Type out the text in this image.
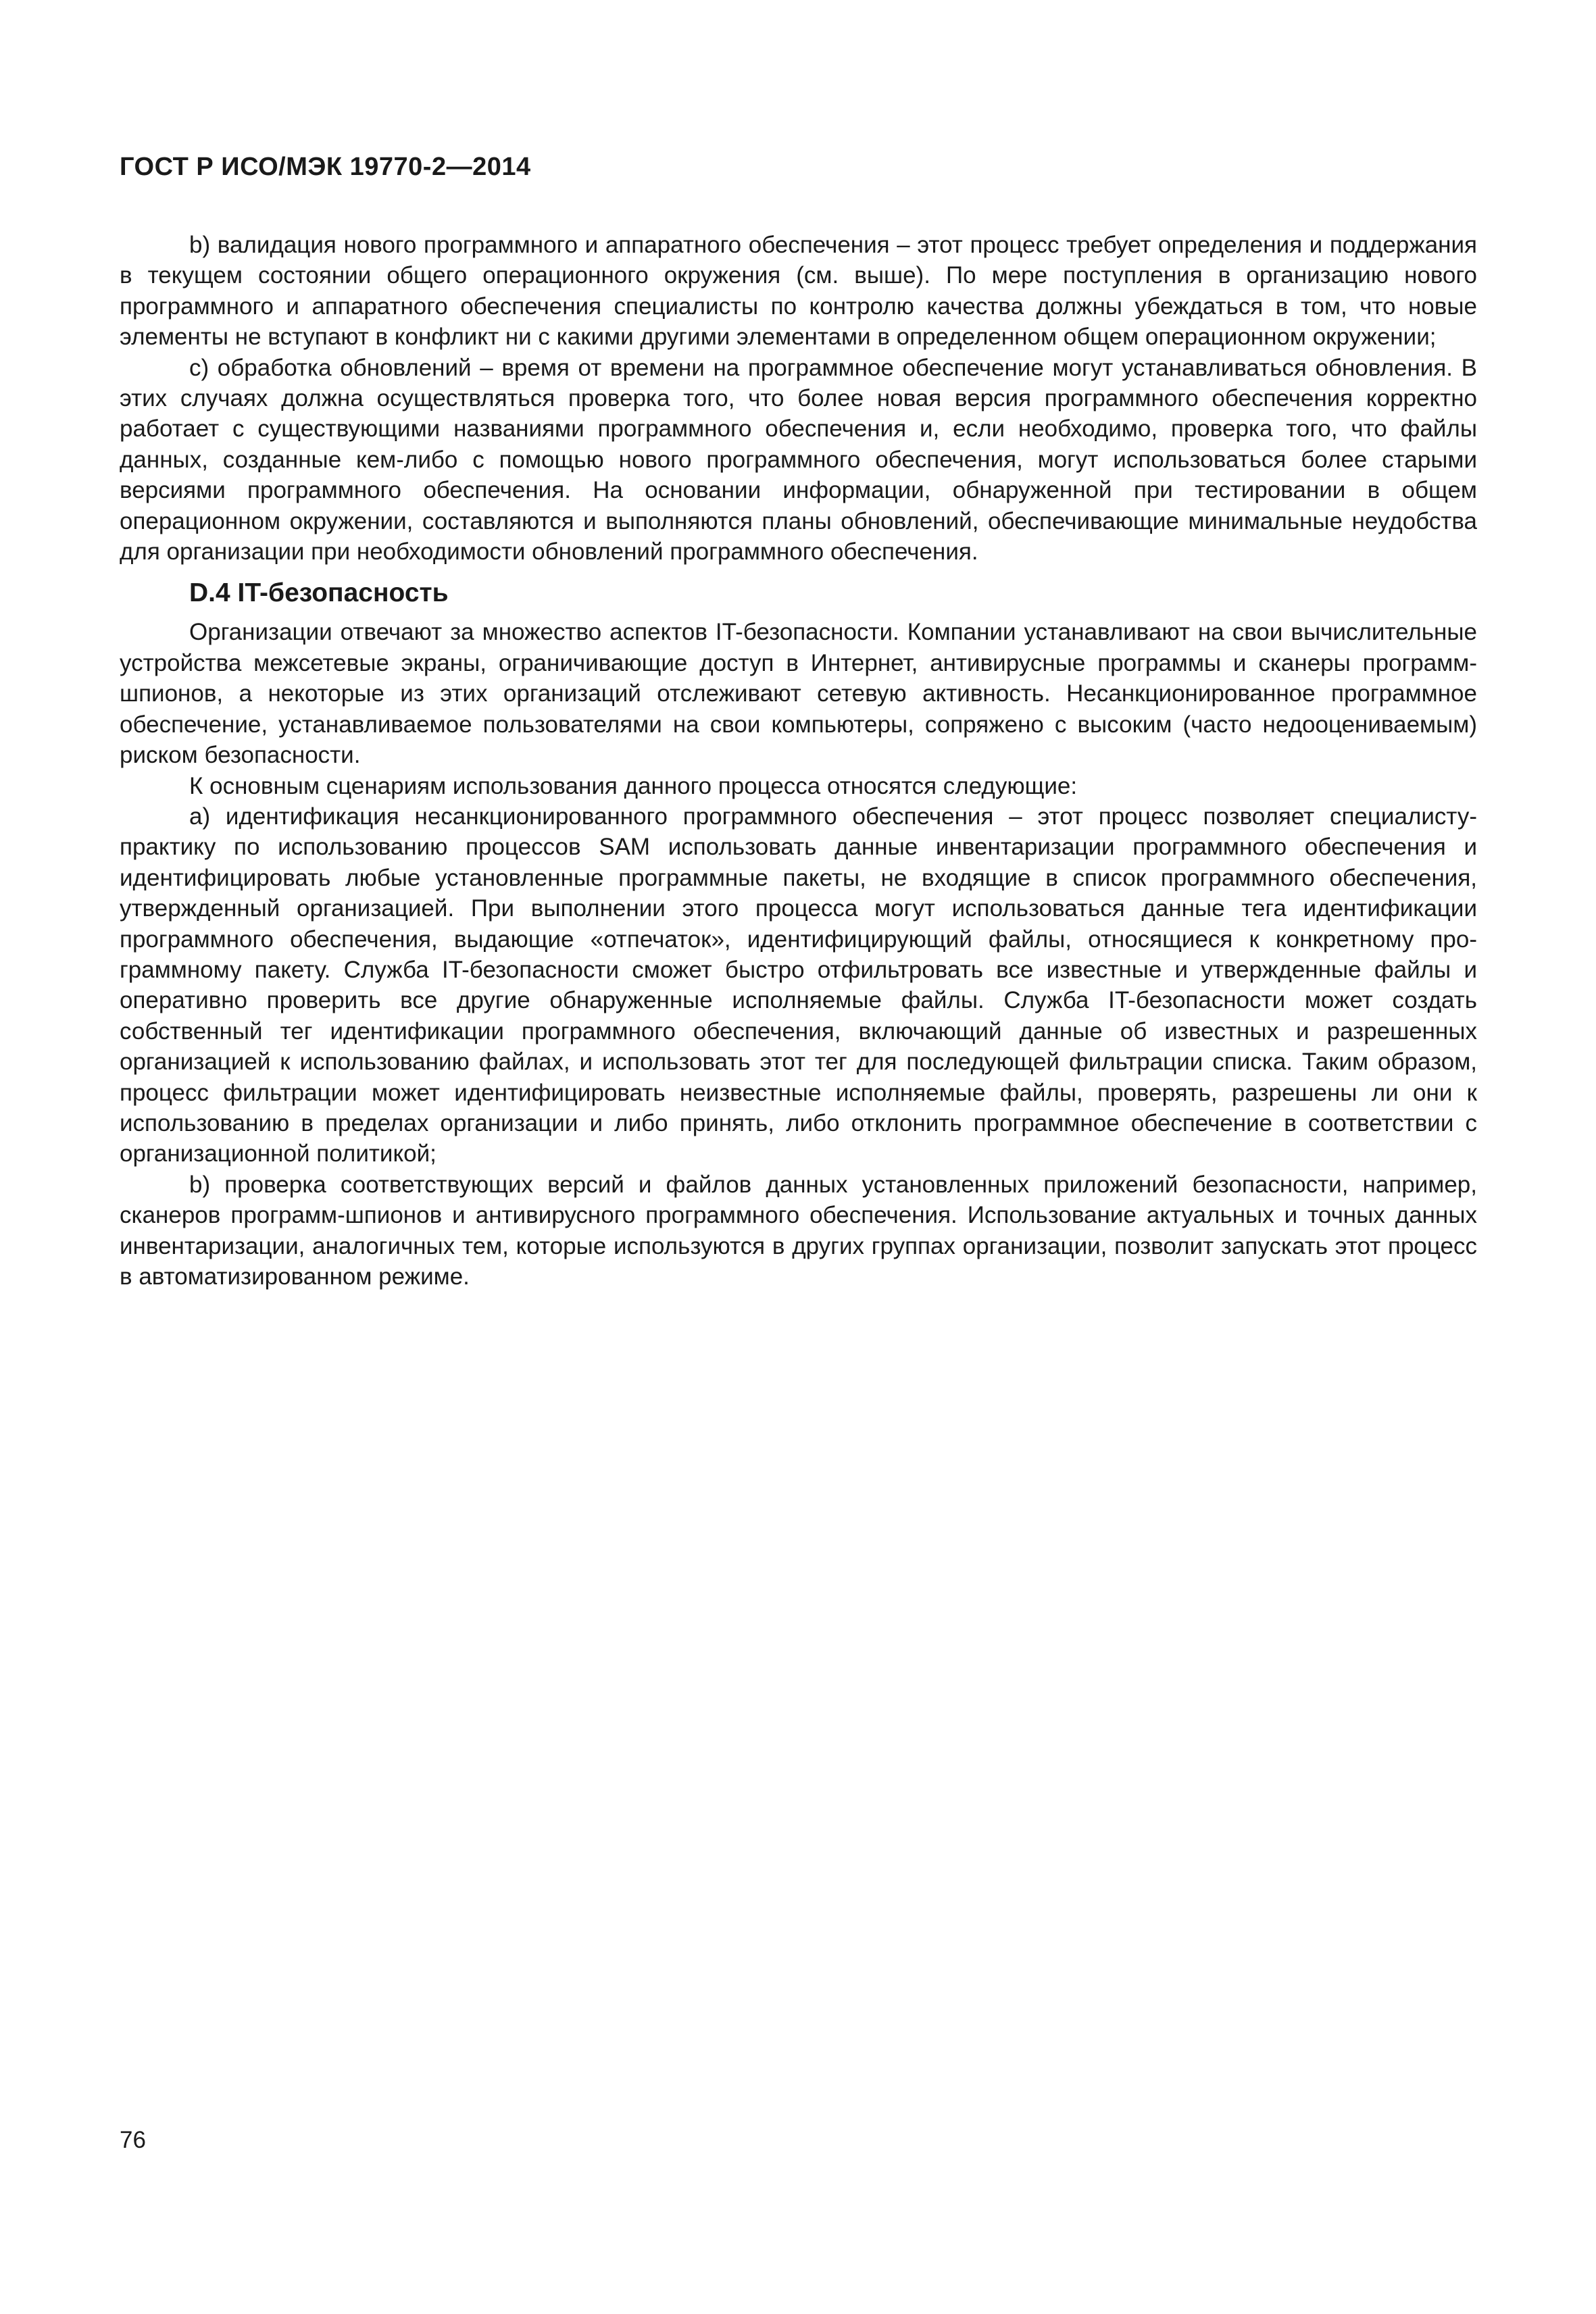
ГОСТ Р ИСО/МЭК 19770-2—2014

b) валидация нового программного и аппаратного обеспечения – этот процесс требует определения и поддержания в текущем состоянии общего операционного окружения (см. выше). По мере поступления в организацию нового программного и аппаратного обеспечения специалисты по контролю качества должны убеждаться в том, что новые элементы не вступают в конфликт ни с какими другими элементами в определенном общем операционном окружении;

c) обработка обновлений – время от времени на программное обеспечение могут устанавливаться обновления. В этих случаях должна осуществляться проверка того, что более новая версия программного обеспечения корректно работает с существующими названиями программного обеспечения и, если необходимо, проверка того, что файлы данных, созданные кем-либо с помощью нового программного обеспечения, могут использоваться более старыми версиями программного обеспечения. На основании информации, обнаруженной при тестировании в общем операционном окружении, составляются и выполняются планы обновлений, обеспечивающие минимальные неудобства для организации при необходимости обновлений программного обеспечения.

D.4 IT-безопасность

Организации отвечают за множество аспектов IT-безопасности. Компании устанавливают на свои вычислительные устройства межсетевые экраны, ограничивающие доступ в Интернет, антивирусные программы и сканеры программ-шпионов, а некоторые из этих организаций отслеживают сетевую активность. Несанкционированное программное обеспечение, устанавливаемое пользователями на свои компьютеры, сопряжено с высоким (часто недооцениваемым) риском безопасности.

К основным сценариям использования данного процесса относятся следующие:

a) идентификация несанкционированного программного обеспечения – этот процесс позволяет специалисту-практику по использованию процессов SAM использовать данные инвентаризации программного обеспечения и идентифицировать любые установленные программные пакеты, не входящие в список программного обеспечения, утвержденный организацией. При выполнении этого процесса могут использоваться данные тега идентификации программного обеспечения, выдающие «отпечаток», идентифицирующий файлы, относящиеся к конкретному программному пакету. Служба IT-безопасности сможет быстро отфильтровать все известные и утвержденные файлы и оперативно проверить все другие обнаруженные исполняемые файлы. Служба IT-безопасности может создать собственный тег идентификации программного обеспечения, включающий данные об известных и разрешенных организацией к использованию файлах, и использовать этот тег для последующей фильтрации списка. Таким образом, процесс фильтрации может идентифицировать неизвестные исполняемые файлы, проверять, разрешены ли они к использованию в пределах организации и либо принять, либо отклонить программное обеспечение в соответствии с организационной политикой;

b) проверка соответствующих версий и файлов данных установленных приложений безопасности, например, сканеров программ-шпионов и антивирусного программного обеспечения. Использование актуальных и точных данных инвентаризации, аналогичных тем, которые используются в других группах организации, позволит запускать этот процесс в автоматизированном режиме.

76
